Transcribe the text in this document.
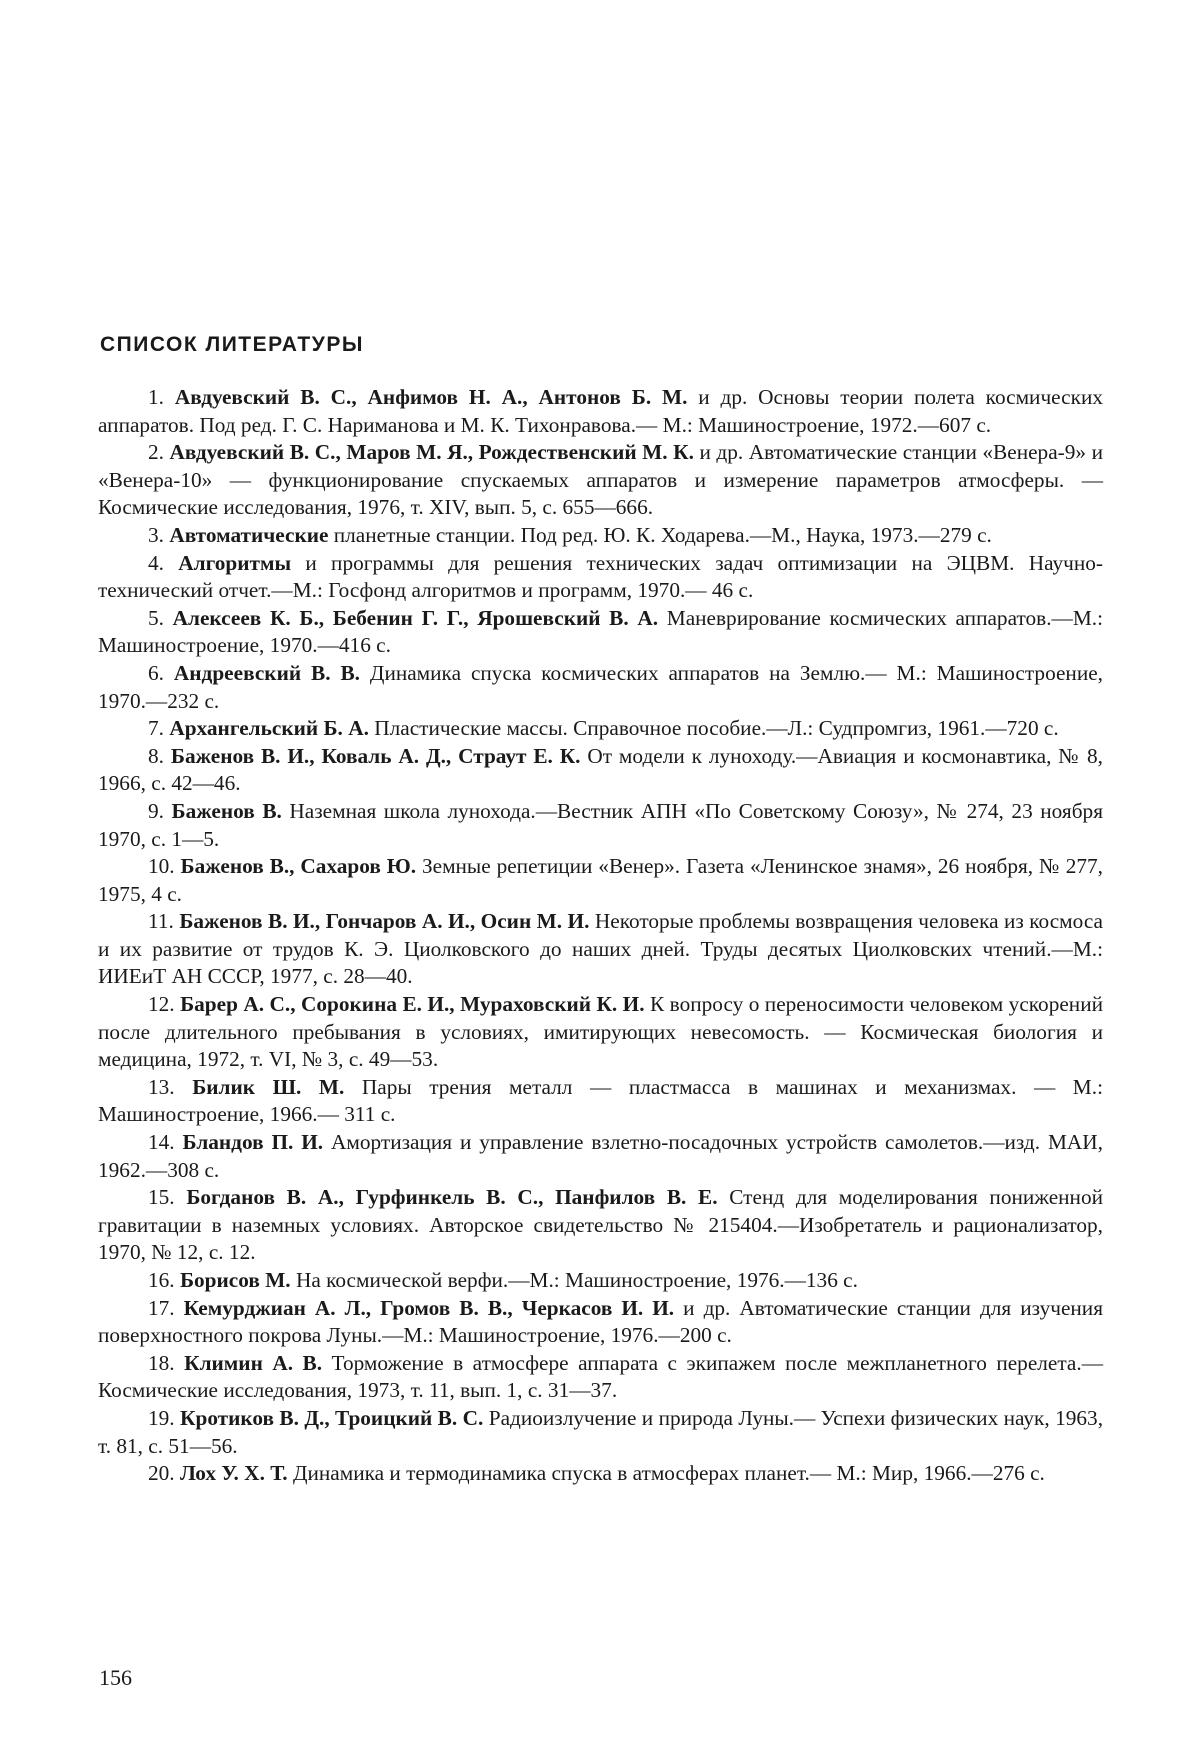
СПИСОК ЛИТЕРАТУРЫ
1. Авдуевский В. С., Анфимов Н. А., Антонов Б. М. и др. Основы теории полета космических аппаратов. Под ред. Г. С. Нариманова и М. К. Тихонравова.— М.: Машиностроение, 1972.—607 с.
2. Авдуевский В. С., Маров М. Я., Рождественский М. К. и др. Автоматические станции «Венера-9» и «Венера-10» — функционирование спускаемых аппаратов и измерение параметров атмосферы. — Космические исследования, 1976, т. XIV, вып. 5, с. 655—666.
3. Автоматические планетные станции. Под ред. Ю. К. Ходарева.—М., Наука, 1973.—279 с.
4. Алгоритмы и программы для решения технических задач оптимизации на ЭЦВМ. Научно-технический отчет.—М.: Госфонд алгоритмов и программ, 1970.— 46 с.
5. Алексеев К. Б., Бебенин Г. Г., Ярошевский В. А. Маневрирование космических аппаратов.—М.: Машиностроение, 1970.—416 с.
6. Андреевский В. В. Динамика спуска космических аппаратов на Землю.— М.: Машиностроение, 1970.—232 с.
7. Архангельский Б. А. Пластические массы. Справочное пособие.—Л.: Судпромгиз, 1961.—720 с.
8. Баженов В. И., Коваль А. Д., Страут Е. К. От модели к луноходу.—Авиация и космонавтика, № 8, 1966, с. 42—46.
9. Баженов В. Наземная школа лунохода.—Вестник АПН «По Советскому Союзу», № 274, 23 ноября 1970, с. 1—5.
10. Баженов В., Сахаров Ю. Земные репетиции «Венер». Газета «Ленинское знамя», 26 ноября, № 277, 1975, 4 с.
11. Баженов В. И., Гончаров А. И., Осин М. И. Некоторые проблемы возвращения человека из космоса и их развитие от трудов К. Э. Циолковского до наших дней. Труды десятых Циолковских чтений.—М.: ИИЕиТ АН СССР, 1977, с. 28—40.
12. Барер А. С., Сорокина Е. И., Мураховский К. И. К вопросу о переносимости человеком ускорений после длительного пребывания в условиях, имитирующих невесомость. — Космическая биология и медицина, 1972, т. VI, № 3, с. 49—53.
13. Билик Ш. М. Пары трения металл — пластмасса в машинах и механизмах. — М.: Машиностроение, 1966.— 311 с.
14. Бландов П. И. Амортизация и управление взлетно-посадочных устройств самолетов.—изд. МАИ, 1962.—308 с.
15. Богданов В. А., Гурфинкель В. С., Панфилов В. Е. Стенд для моделирования пониженной гравитации в наземных условиях. Авторское свидетельство № 215404.—Изобретатель и рационализатор, 1970, № 12, с. 12.
16. Борисов М. На космической верфи.—М.: Машиностроение, 1976.—136 с.
17. Кемурджиан А. Л., Громов В. В., Черкасов И. И. и др. Автоматические станции для изучения поверхностного покрова Луны.—М.: Машиностроение, 1976.—200 с.
18. Климин А. В. Торможение в атмосфере аппарата с экипажем после межпланетного перелета.—Космические исследования, 1973, т. 11, вып. 1, с. 31—37.
19. Кротиков В. Д., Троицкий В. С. Радиоизлучение и природа Луны.— Успехи физических наук, 1963, т. 81, с. 51—56.
20. Лох У. Х. Т. Динамика и термодинамика спуска в атмосферах планет.— М.: Мир, 1966.—276 с.

156
